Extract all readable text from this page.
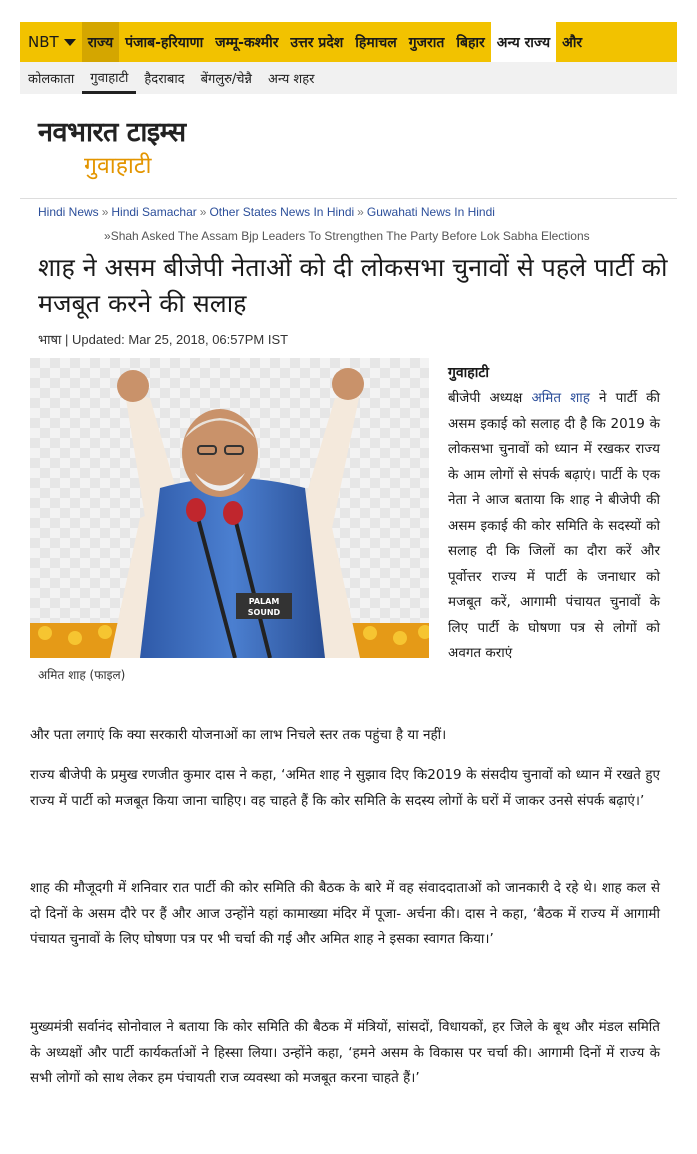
NBT	राज्य पंजाब-हरियाणा जम्मू-कश्मीर उत्तर प्रदेश हिमाचल गुजरात बिहार अन्य राज्य और
कोलकाता	गुवाहाटी	हैदराबाद	बेंगलुरु/चेन्नै	अन्य शहर
नवभारत टाइम्स
गुवाहाटी
Hindi News » Hindi Samachar » Other States News In Hindi » Guwahati News In Hindi
»Shah Asked The Assam Bjp Leaders To Strengthen The Party Before Lok Sabha Elections
शाह ने असम बीजेपी नेताओं को दी लोकसभा चुनावों से पहले पार्टी को मजबूत करने की सलाह
भाषा | Updated: Mar 25, 2018, 06:57PM IST
PALAM
SOUND
अमित शाह (फाइल)
गुवाहाटी
बीजेपी अध्यक्ष अमित शाह ने पार्टी की असम इकाई को सलाह दी है कि 2019 के लोकसभा चुनावों को ध्यान में रखकर राज्य के आम लोगों से संपर्क बढ़ाएं। पार्टी के एक नेता ने आज बताया कि शाह ने बीजेपी की असम इकाई की कोर समिति के सदस्यों को सलाह दी कि जिलों का दौरा करें और पूर्वोत्तर राज्य में पार्टी के जनाधार को मजबूत करें, आगामी पंचायत चुनावों के लिए पार्टी के घोषणा पत्र से लोगों को अवगत कराएं

और पता लगाएं कि क्या सरकारी योजनाओं का लाभ निचले स्तर तक पहुंचा है या नहीं।

राज्य बीजेपी के प्रमुख रणजीत कुमार दास ने कहा, ‘अमित शाह ने सुझाव दिए कि2019 के संसदीय चुनावों को ध्यान में रखते हुए राज्य में पार्टी को मजबूत किया जाना चाहिए। वह चाहते हैं कि कोर समिति के सदस्य लोगों के घरों में जाकर उनसे संपर्क बढ़ाएं।’

शाह की मौजूदगी में शनिवार रात पार्टी की कोर समिति की बैठक के बारे में वह संवाददाताओं को जानकारी दे रहे थे। शाह कल से दो दिनों के असम दौरे पर हैं और आज उन्होंने यहां कामाख्या मंदिर में पूजा- अर्चना की। दास ने कहा, ‘बैठक में राज्य में आगामी पंचायत चुनावों के लिए घोषणा पत्र पर भी चर्चा की गई और अमित शाह ने इसका स्वागत किया।’

मुख्यमंत्री सर्वानंद सोनोवाल ने बताया कि कोर समिति की बैठक में मंत्रियों, सांसदों, विधायकों, हर जिले के बूथ और मंडल समिति के अध्यक्षों और पार्टी कार्यकर्ताओं ने हिस्सा लिया। उन्होंने कहा, ‘हमने असम के विकास पर चर्चा की। आगामी दिनों में राज्य के सभी लोगों को साथ लेकर हम पंचायती राज व्यवस्था को मजबूत करना चाहते हैं।’
